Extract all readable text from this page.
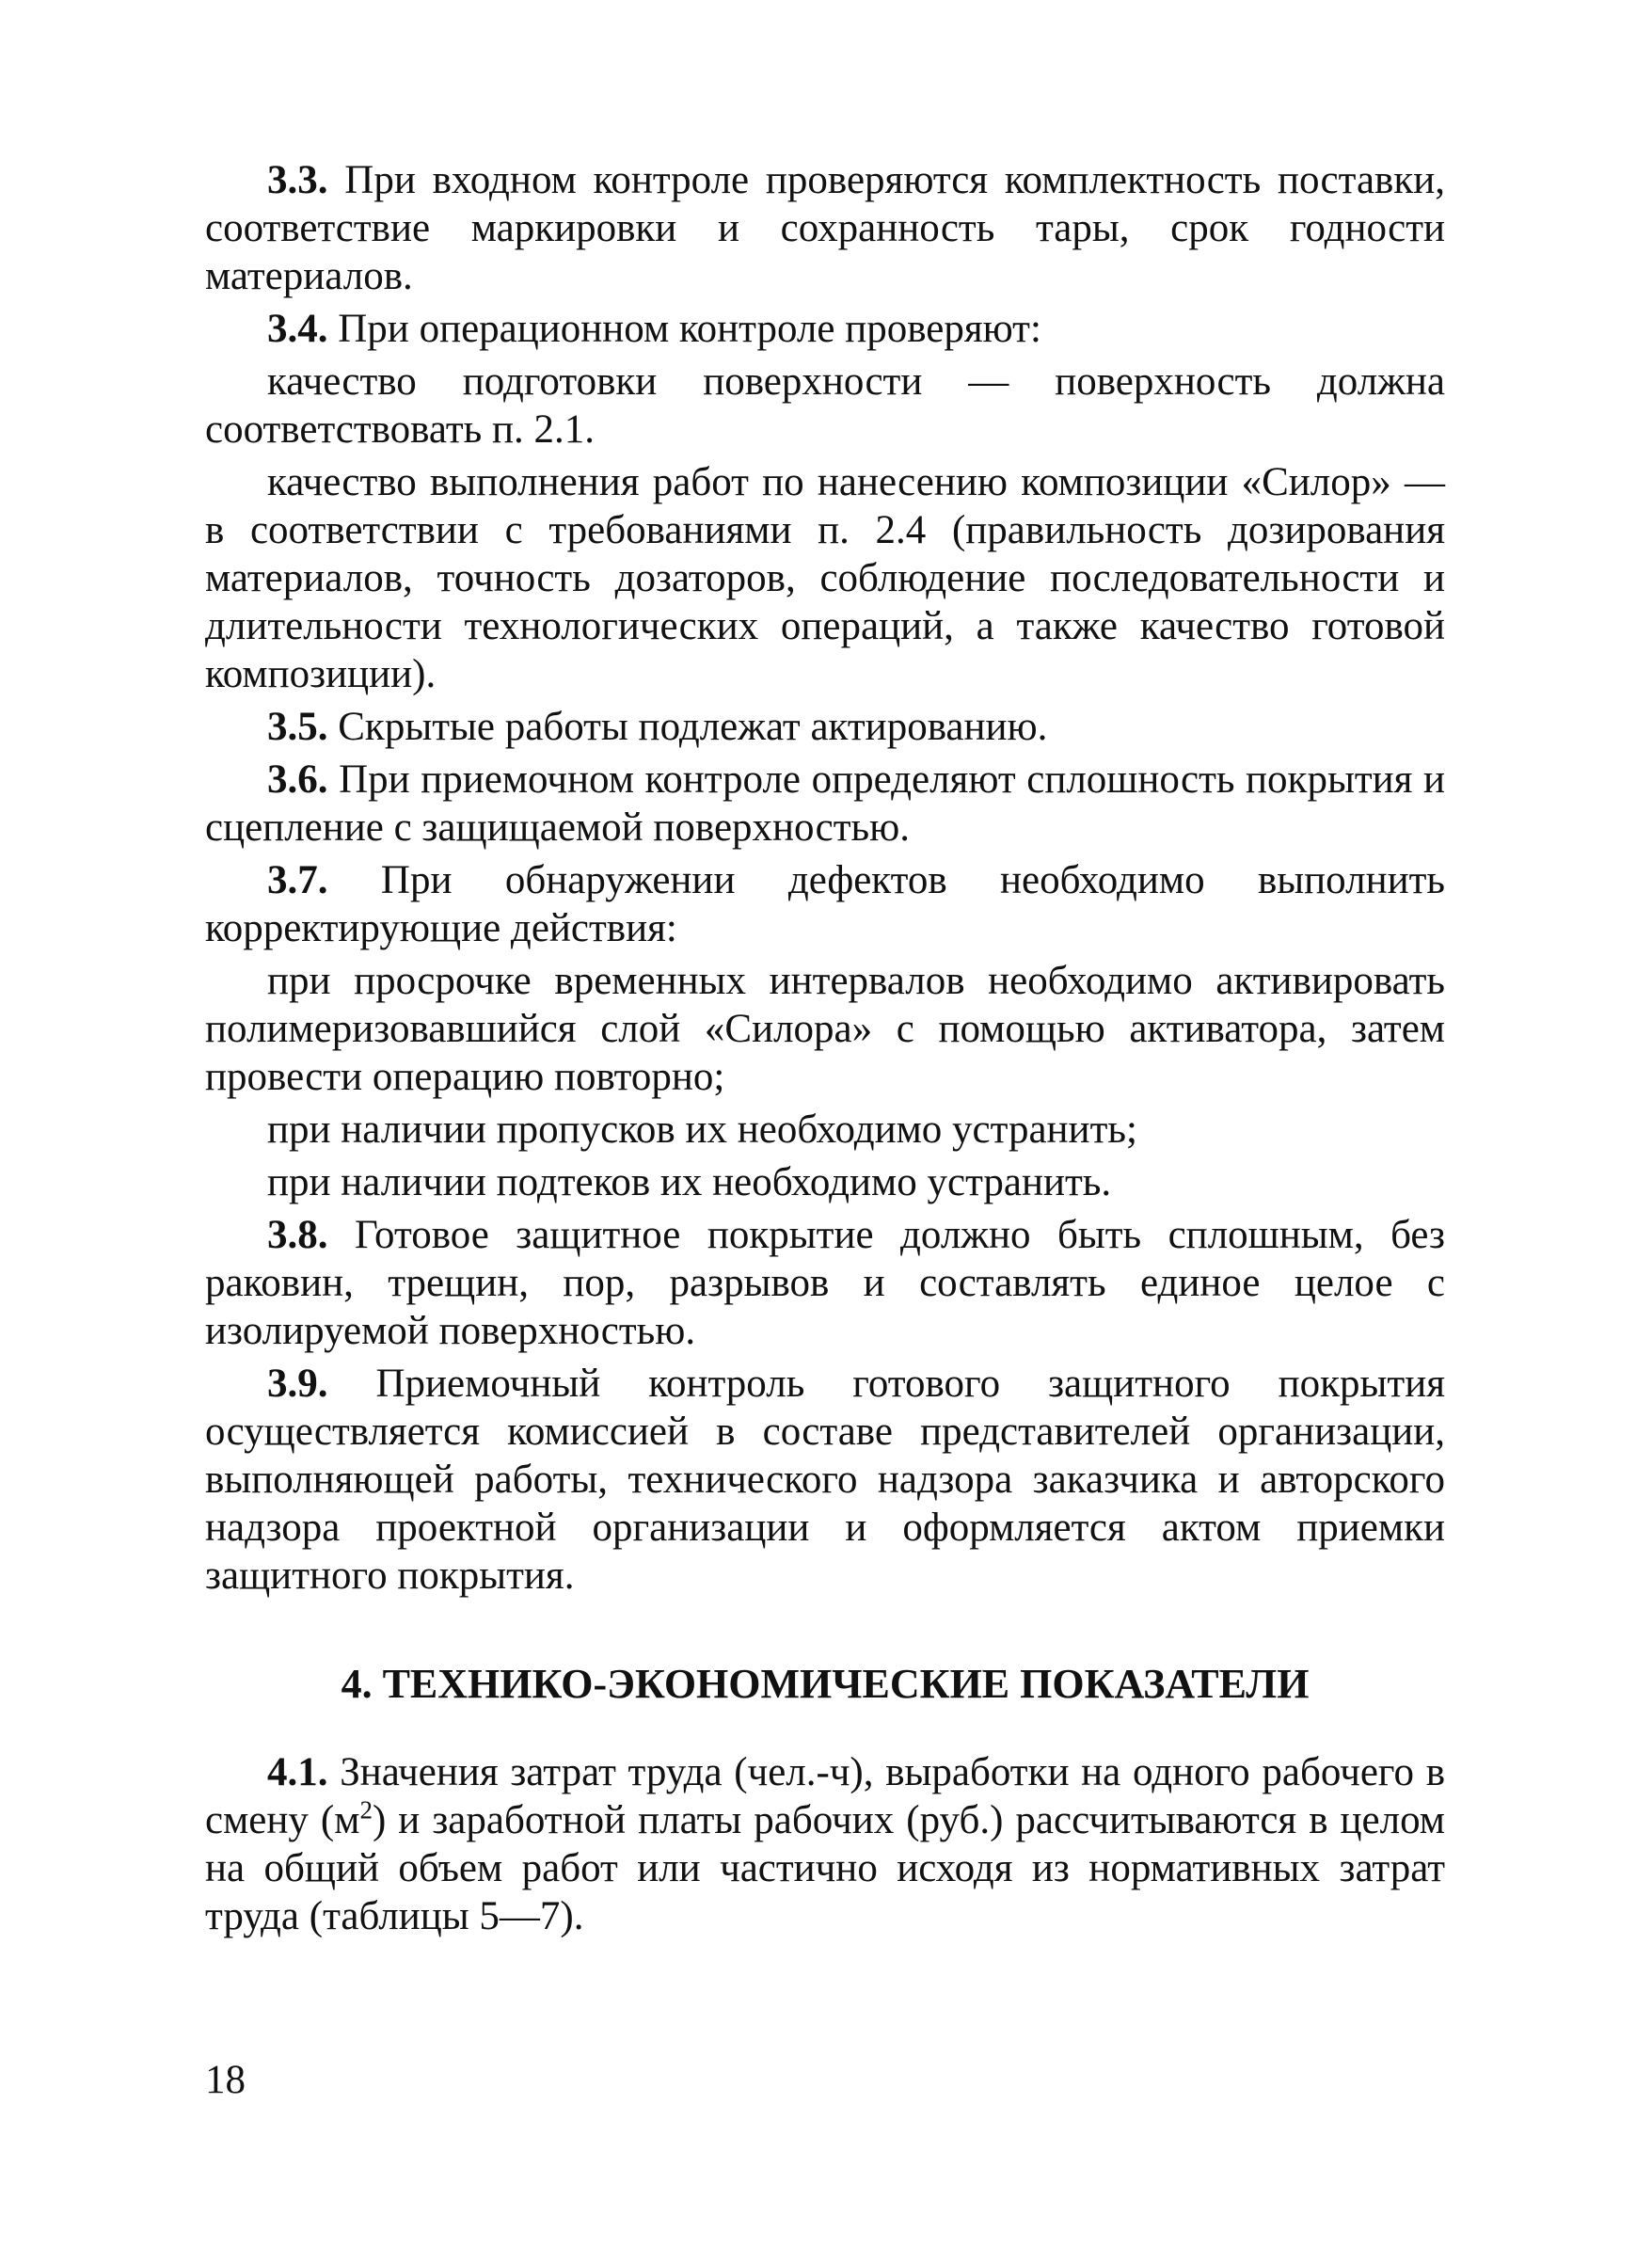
3.3. При входном контроле проверяются комплектность поставки, соответствие маркировки и сохранность тары, срок годности материалов.

3.4. При операционном контроле проверяют:

качество подготовки поверхности — поверхность должна соответствовать п. 2.1.

качество выполнения работ по нанесению композиции «Силор» — в соответствии с требованиями п. 2.4 (правильность дозирования материалов, точность дозаторов, соблюдение последовательности и длительности технологических операций, а также качество готовой композиции).

3.5. Скрытые работы подлежат актированию.

3.6. При приемочном контроле определяют сплошность покрытия и сцепление с защищаемой поверхностью.

3.7. При обнаружении дефектов необходимо выполнить корректирующие действия:

при просрочке временных интервалов необходимо активировать полимеризовавшийся слой «Силора» с помощью активатора, затем провести операцию повторно;

при наличии пропусков их необходимо устранить;

при наличии подтеков их необходимо устранить.

3.8. Готовое защитное покрытие должно быть сплошным, без раковин, трещин, пор, разрывов и составлять единое целое с изолируемой поверхностью.

3.9. Приемочный контроль готового защитного покрытия осуществляется комиссией в составе представителей организации, выполняющей работы, технического надзора заказчика и авторского надзора проектной организации и оформляется актом приемки защитного покрытия.

4. ТЕХНИКО-ЭКОНОМИЧЕСКИЕ ПОКАЗАТЕЛИ

4.1. Значения затрат труда (чел.-ч), выработки на одного рабочего в смену $(м^2)$ и заработной платы рабочих (руб.) рассчитываются в целом на общий объем работ или частично исходя из нормативных затрат труда (таблицы 5—7).

18
